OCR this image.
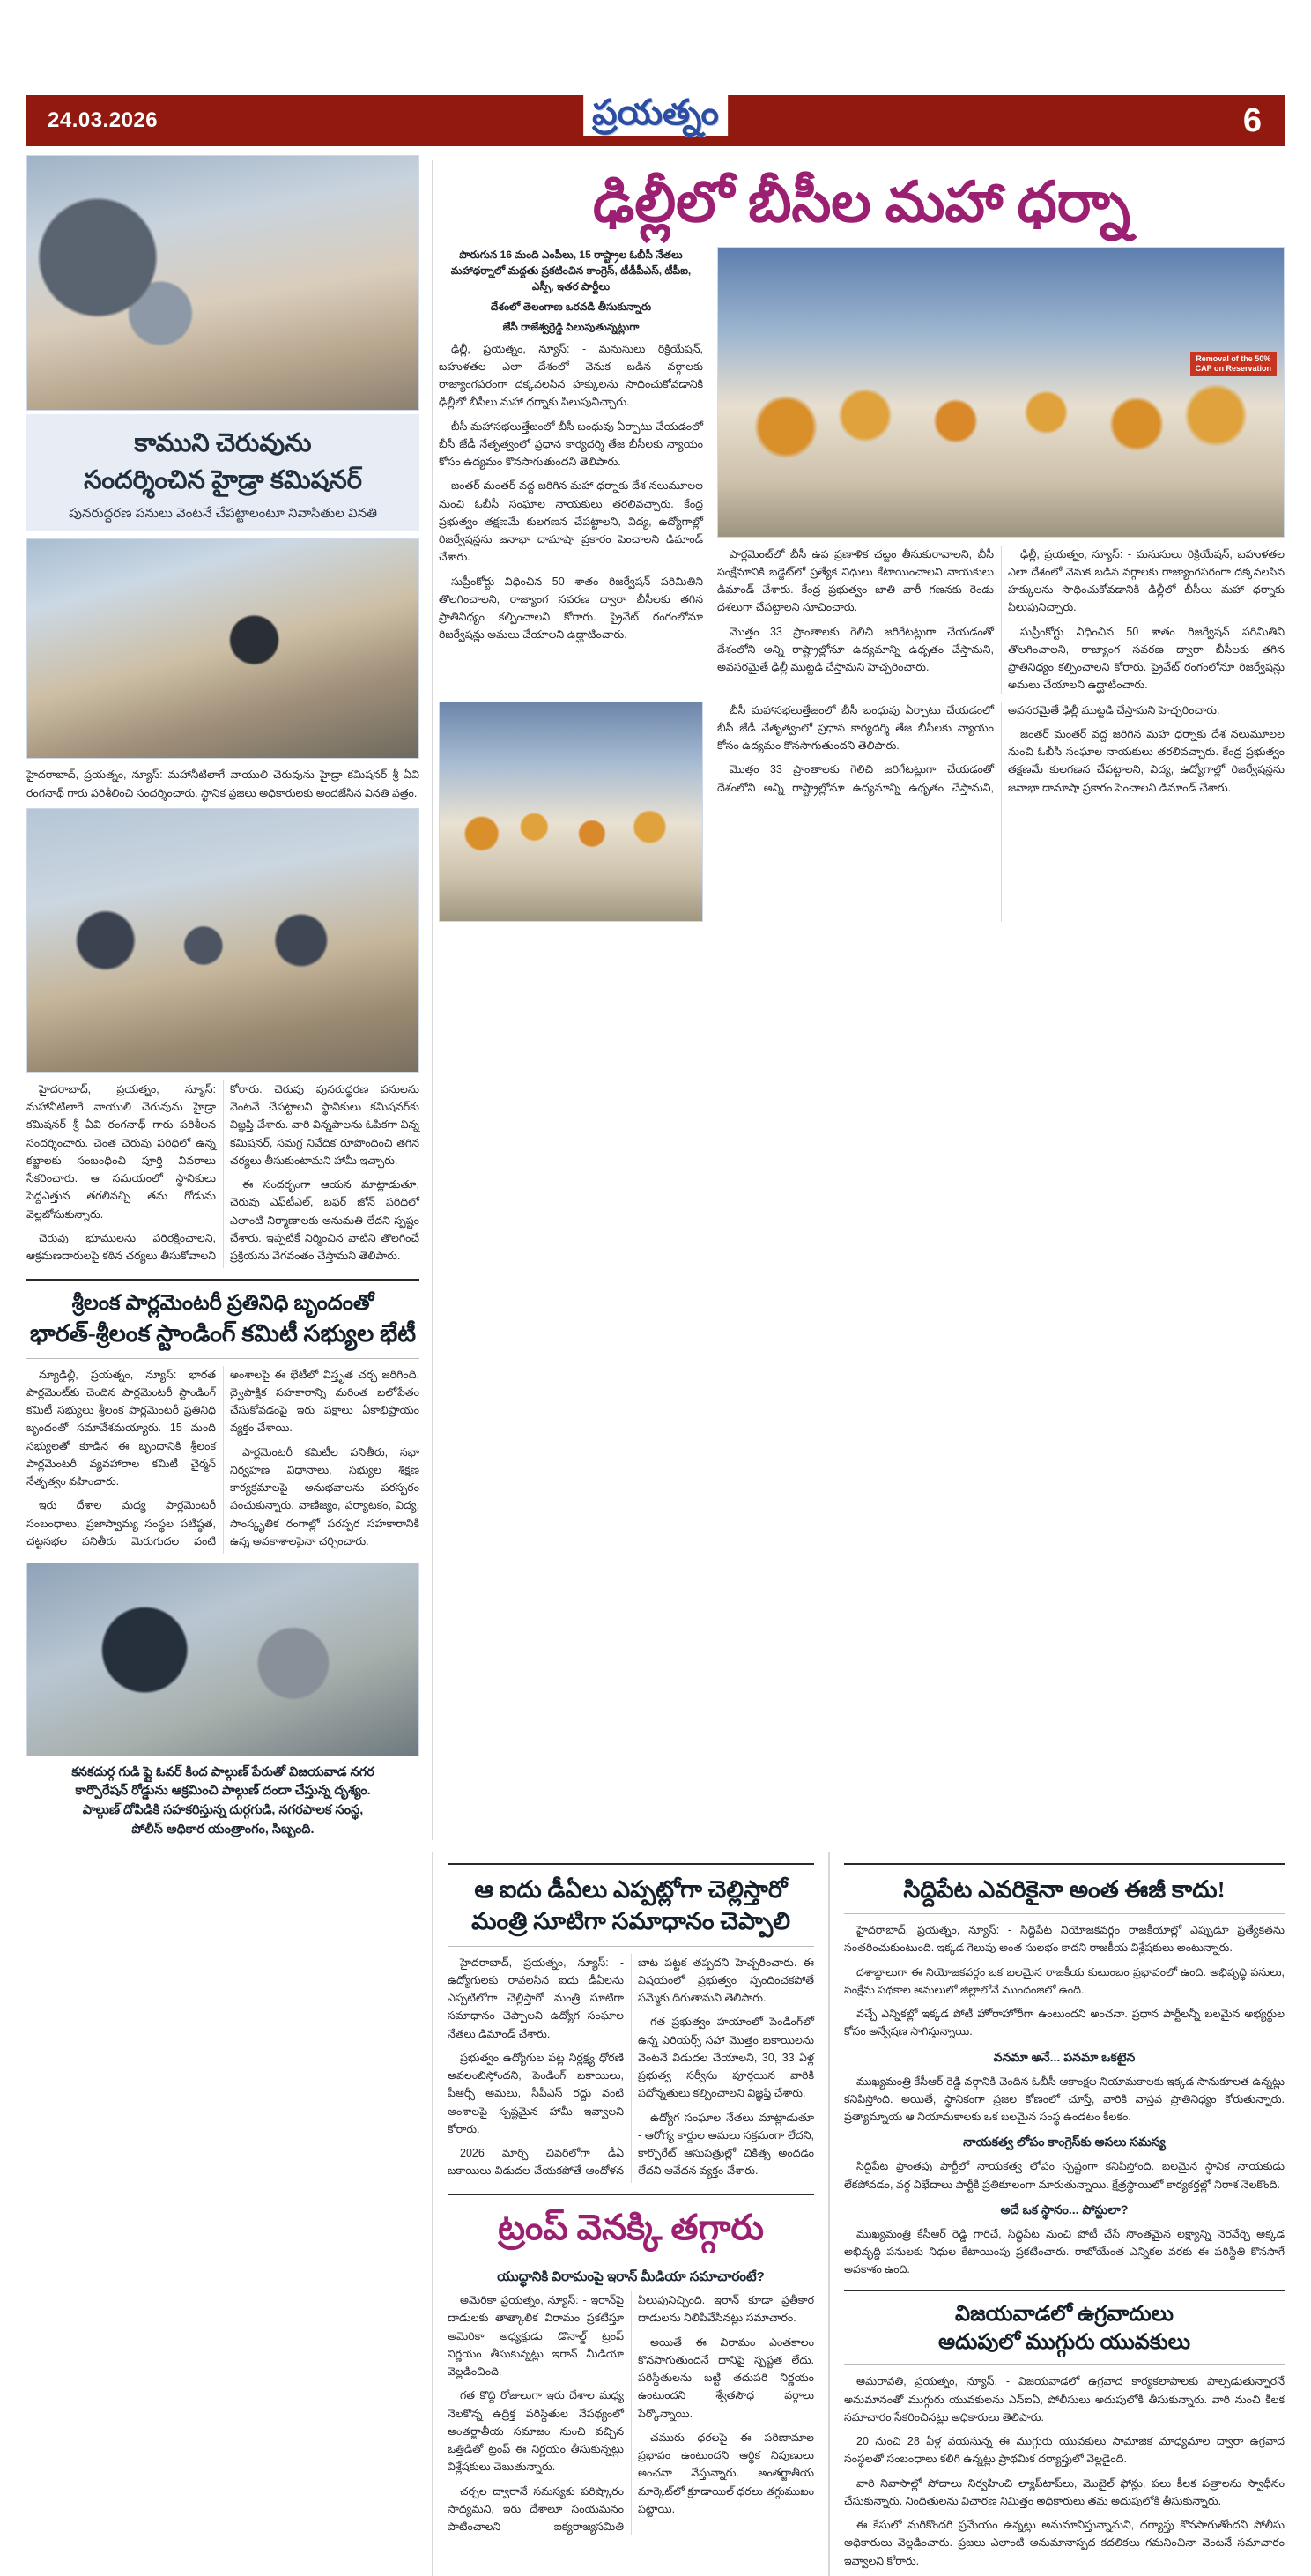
24.03.2026	ప్రయత్నం	6
కాముని చెరువును
సందర్శించిన హైడ్రా కమిషనర్
పునరుద్ధరణ పనులు వెంటనే చేపట్టాలంటూ నివాసితుల వినతి

హైదరాబాద్, ప్రయత్నం, న్యూస్: మహానీటిలాగే వాయులి చెరువును హైడ్రా కమిషనర్ శ్రీ ఏవి రంగనాథ్ గారు పరిశీలించి సందర్శించారు. స్థానిక ప్రజలు అధికారులకు అందజేసిన వినతి పత్రం.

హైదరాబాద్, ప్రయత్నం, న్యూస్: మహానీటిలాగే వాయులి చెరువును హైడ్రా కమిషనర్ శ్రీ ఏవి రంగనాథ్ గారు పరిశీలన సందర్శించారు. చెంత చెరువు పరిధిలో ఉన్న కబ్జాలకు సంబంధించి పూర్తి వివరాలు సేకరించారు. ఆ సమయంలో స్థానికులు పెద్దఎత్తున తరలివచ్చి తమ గోడును వెల్లబోసుకున్నారు.

చెరువు భూములను పరిరక్షించాలని, ఆక్రమణదారులపై కఠిన చర్యలు తీసుకోవాలని కోరారు. చెరువు పునరుద్ధరణ పనులను వెంటనే చేపట్టాలని స్థానికులు కమిషనర్‌కు విజ్ఞప్తి చేశారు. వారి విన్నపాలను ఓపికగా విన్న కమిషనర్, సమగ్ర నివేదిక రూపొందించి తగిన చర్యలు తీసుకుంటామని హామీ ఇచ్చారు.

ఈ సందర్భంగా ఆయన మాట్లాడుతూ, చెరువు ఎఫ్‌టీఎల్, బఫర్ జోన్ పరిధిలో ఎలాంటి నిర్మాణాలకు అనుమతి లేదని స్పష్టం చేశారు. ఇప్పటికే నిర్మించిన వాటిని తొలగించే ప్రక్రియను వేగవంతం చేస్తామని తెలిపారు.

శ్రీలంక పార్లమెంటరీ ప్రతినిధి బృందంతో
భారత్-శ్రీలంక స్టాండింగ్ కమిటీ సభ్యుల భేటీ

న్యూఢిల్లీ, ప్రయత్నం, న్యూస్: భారత పార్లమెంట్‌కు చెందిన పార్లమెంటరీ స్టాండింగ్ కమిటీ సభ్యులు శ్రీలంక పార్లమెంటరీ ప్రతినిధి బృందంతో సమావేశమయ్యారు. 15 మంది సభ్యులతో కూడిన ఈ బృందానికి శ్రీలంక పార్లమెంటరీ వ్యవహారాల కమిటీ చైర్మన్ నేతృత్వం వహించారు.

ఇరు దేశాల మధ్య పార్లమెంటరీ సంబంధాలు, ప్రజాస్వామ్య సంస్థల పటిష్ఠత, చట్టసభల పనితీరు మెరుగుదల వంటి అంశాలపై ఈ భేటీలో విస్తృత చర్చ జరిగింది. ద్వైపాక్షిక సహకారాన్ని మరింత బలోపేతం చేసుకోవడంపై ఇరు పక్షాలు ఏకాభిప్రాయం వ్యక్తం చేశాయి.

పార్లమెంటరీ కమిటీల పనితీరు, సభా నిర్వహణ విధానాలు, సభ్యుల శిక్షణ కార్యక్రమాలపై అనుభవాలను పరస్పరం పంచుకున్నారు. వాణిజ్యం, పర్యాటకం, విద్య, సాంస్కృతిక రంగాల్లో పరస్పర సహకారానికి ఉన్న అవకాశాలపైనా చర్చించారు.

కనకదుర్గ గుడి ఫ్లై ఓవర్ కింద పాల్గుణ్ పేరుతో విజయవాడ నగర
కార్పొరేషన్ రోడ్డును ఆక్రమించి పాల్గుణ్ దందా చేస్తున్న దృశ్యం.
పాల్గుణ్ దోపిడికి సహకరిస్తున్న దుర్గగుడి, నగరపాలక సంస్థ,
పోలీస్ అధికార యంత్రాంగం, సిబ్బంది.
ఢిల్లీలో బీసీల మహా ధర్నా

పొరుగున 16 మంది ఎంపీలు, 15 రాష్ట్రాల ఓబీసీ నేతలు మహాధర్నాలో మద్దతు ప్రకటించిన కాంగ్రెస్, టీడీపీఎస్, టీపీఐ, ఎస్పీ, ఇతర పార్టీలు

దేశంలో తెలంగాణ ఒరవడి తీసుకున్నారు

జేసీ రాజేశ్వర్రెడ్డి పిలుపుతున్నట్లుగా

ఢిల్లీ, ప్రయత్నం, న్యూస్: - మనుసులు రిక్రియేషన్, బహుళతల ఎలా దేశంలో వెనుక బడిన వర్గాలకు రాజ్యాంగపరంగా దక్కవలసిన హక్కులను సాధించుకోవడానికి ఢిల్లీలో బీసీలు మహా ధర్నాకు పిలుపునిచ్చారు.

బీసీ మహాసభలుత్తేజంలో బీసీ బంధువు ఏర్పాటు చేయడంలో బీసీ జేడీ నేతృత్వంలో ప్రధాన కార్యదర్శి తేజ బీసీలకు న్యాయం కోసం ఉద్యమం కొనసాగుతుందని తెలిపారు.

జంతర్ మంతర్ వద్ద జరిగిన మహా ధర్నాకు దేశ నలుమూలల నుంచి ఓబీసీ సంఘాల నాయకులు తరలివచ్చారు. కేంద్ర ప్రభుత్వం తక్షణమే కులగణన చేపట్టాలని, విద్య, ఉద్యోగాల్లో రిజర్వేషన్లను జనాభా దామాషా ప్రకారం పెంచాలని డిమాండ్ చేశారు.

సుప్రీంకోర్టు విధించిన 50 శాతం రిజర్వేషన్ పరిమితిని తొలగించాలని, రాజ్యాంగ సవరణ ద్వారా బీసీలకు తగిన ప్రాతినిధ్యం కల్పించాలని కోరారు. ప్రైవేట్ రంగంలోనూ రిజర్వేషన్లు అమలు చేయాలని ఉద్ఘాటించారు.

Removal of the 50%
CAP on Reservation

పార్లమెంట్‌లో బీసీ ఉప ప్రణాళిక చట్టం తీసుకురావాలని, బీసీ సంక్షేమానికి బడ్జెట్‌లో ప్రత్యేక నిధులు కేటాయించాలని నాయకులు డిమాండ్ చేశారు. కేంద్ర ప్రభుత్వం జాతి వారీ గణనకు రెండు దశలుగా చేపట్టాలని సూచించారు.

మొత్తం 33 ప్రాంతాలకు గెలిచి జరిగేటట్లుగా చేయడంతో దేశంలోని అన్ని రాష్ట్రాల్లోనూ ఉద్యమాన్ని ఉధృతం చేస్తామని, అవసరమైతే ఢిల్లీ ముట్టడి చేస్తామని హెచ్చరించారు.

ఢిల్లీ, ప్రయత్నం, న్యూస్: - మనుసులు రిక్రియేషన్, బహుళతల ఎలా దేశంలో వెనుక బడిన వర్గాలకు రాజ్యాంగపరంగా దక్కవలసిన హక్కులను సాధించుకోవడానికి ఢిల్లీలో బీసీలు మహా ధర్నాకు పిలుపునిచ్చారు.

సుప్రీంకోర్టు విధించిన 50 శాతం రిజర్వేషన్ పరిమితిని తొలగించాలని, రాజ్యాంగ సవరణ ద్వారా బీసీలకు తగిన ప్రాతినిధ్యం కల్పించాలని కోరారు. ప్రైవేట్ రంగంలోనూ రిజర్వేషన్లు అమలు చేయాలని ఉద్ఘాటించారు.

బీసీ మహాసభలుత్తేజంలో బీసీ బంధువు ఏర్పాటు చేయడంలో బీసీ జేడీ నేతృత్వంలో ప్రధాన కార్యదర్శి తేజ బీసీలకు న్యాయం కోసం ఉద్యమం కొనసాగుతుందని తెలిపారు.

మొత్తం 33 ప్రాంతాలకు గెలిచి జరిగేటట్లుగా చేయడంతో దేశంలోని అన్ని రాష్ట్రాల్లోనూ ఉద్యమాన్ని ఉధృతం చేస్తామని, అవసరమైతే ఢిల్లీ ముట్టడి చేస్తామని హెచ్చరించారు.

జంతర్ మంతర్ వద్ద జరిగిన మహా ధర్నాకు దేశ నలుమూలల నుంచి ఓబీసీ సంఘాల నాయకులు తరలివచ్చారు. కేంద్ర ప్రభుత్వం తక్షణమే కులగణన చేపట్టాలని, విద్య, ఉద్యోగాల్లో రిజర్వేషన్లను జనాభా దామాషా ప్రకారం పెంచాలని డిమాండ్ చేశారు.

ఆ ఐదు డీఏలు ఎప్పట్లోగా చెల్లిస్తారో
మంత్రి సూటిగా సమాధానం చెప్పాలి

హైదరాబాద్, ప్రయత్నం, న్యూస్: - ఉద్యోగులకు రావలసిన ఐదు డీఏలను ఎప్పటిలోగా చెల్లిస్తారో మంత్రి సూటిగా సమాధానం చెప్పాలని ఉద్యోగ సంఘాల నేతలు డిమాండ్ చేశారు.

ప్రభుత్వం ఉద్యోగుల పట్ల నిర్లక్ష్య ధోరణి అవలంబిస్తోందని, పెండింగ్ బకాయిలు, పీఆర్సీ అమలు, సీపీఎస్ రద్దు వంటి అంశాలపై స్పష్టమైన హామీ ఇవ్వాలని కోరారు.

2026 మార్చి చివరిలోగా డీఏ బకాయిలు విడుదల చేయకపోతే ఆందోళన బాట పట్టక తప్పదని హెచ్చరించారు. ఈ విషయంలో ప్రభుత్వం స్పందించకపోతే సమ్మెకు దిగుతామని తెలిపారు.

గత ప్రభుత్వం హయాంలో పెండింగ్‌లో ఉన్న ఎరియర్స్ సహా మొత్తం బకాయిలను వెంటనే విడుదల చేయాలని, 30, 33 ఏళ్ల ప్రభుత్వ సర్వీసు పూర్తయిన వారికి పదోన్నతులు కల్పించాలని విజ్ఞప్తి చేశారు.

ఉద్యోగ సంఘాల నేతలు మాట్లాడుతూ - ఆరోగ్య కార్డుల అమలు సక్రమంగా లేదని, కార్పొరేట్ ఆసుపత్రుల్లో చికిత్స అందడం లేదని ఆవేదన వ్యక్తం చేశారు.

ట్రంప్ వెనక్కి తగ్గారు
యుద్ధానికి విరామంపై ఇరాన్ మీడియా సమాచారంటే?

అమెరికా ప్రయత్నం, న్యూస్: - ఇరాన్‌పై దాడులకు తాత్కాలిక విరామం ప్రకటిస్తూ అమెరికా అధ్యక్షుడు డొనాల్డ్ ట్రంప్ నిర్ణయం తీసుకున్నట్లు ఇరాన్ మీడియా వెల్లడించింది.

గత కొద్ది రోజులుగా ఇరు దేశాల మధ్య నెలకొన్న ఉద్రిక్త పరిస్థితుల నేపథ్యంలో అంతర్జాతీయ సమాజం నుంచి వచ్చిన ఒత్తిడితో ట్రంప్ ఈ నిర్ణయం తీసుకున్నట్లు విశ్లేషకులు చెబుతున్నారు.

చర్చల ద్వారానే సమస్యకు పరిష్కారం సాధ్యమని, ఇరు దేశాలూ సంయమనం పాటించాలని ఐక్యరాజ్యసమితి పిలుపునిచ్చింది. ఇరాన్ కూడా ప్రతీకార దాడులను నిలిపివేసినట్లు సమాచారం.

అయితే ఈ విరామం ఎంతకాలం కొనసాగుతుందనే దానిపై స్పష్టత లేదు. పరిస్థితులను బట్టి తదుపరి నిర్ణయం ఉంటుందని శ్వేతసౌధ వర్గాలు పేర్కొన్నాయి.

చమురు ధరలపై ఈ పరిణామాల ప్రభావం ఉంటుందని ఆర్థిక నిపుణులు అంచనా వేస్తున్నారు. అంతర్జాతీయ మార్కెట్‌లో క్రూడాయిల్ ధరలు తగ్గుముఖం పట్టాయి.

సిద్దిపేట ఎవరికైనా అంత ఈజీ కాదు!

హైదరాబాద్, ప్రయత్నం, న్యూస్: - సిద్దిపేట నియోజకవర్గం రాజకీయాల్లో ఎప్పుడూ ప్రత్యేకతను సంతరించుకుంటుంది. ఇక్కడ గెలుపు అంత సులభం కాదని రాజకీయ విశ్లేషకులు అంటున్నారు.

దశాబ్దాలుగా ఈ నియోజకవర్గం ఒక బలమైన రాజకీయ కుటుంబం ప్రభావంలో ఉంది. అభివృద్ధి పనులు, సంక్షేమ పథకాల అమలులో జిల్లాలోనే ముందంజలో ఉంది.

వచ్చే ఎన్నికల్లో ఇక్కడ పోటీ హోరాహోరీగా ఉంటుందని అంచనా. ప్రధాన పార్టీలన్నీ బలమైన అభ్యర్థుల కోసం అన్వేషణ సాగిస్తున్నాయి.

వనమా అనే... పనమా ఒకటైన

ముఖ్యమంత్రి కేసీఆర్ రెడ్డి వర్గానికి చెందిన ఓబీసీ ఆకాంక్షల నియామకాలకు ఇక్కడ సానుకూలత ఉన్నట్లు కనిపిస్తోంది. అయితే, స్థానికంగా ప్రజల కోణంలో చూస్తే, వారికి వాస్తవ ప్రాతినిధ్యం కోరుతున్నారు. ప్రత్యామ్నాయ ఆ నియామకాలకు ఒక బలమైన సంస్థ ఉండటం కీలకం.

నాయకత్వ లోపం కాంగ్రెస్‌కు అసలు సమస్య

సిద్దిపేట ప్రాంతపు పార్టీలో నాయకత్వ లోపం స్పష్టంగా కనిపిస్తోంది. బలమైన స్థానిక నాయకుడు లేకపోవడం, వర్గ విభేదాలు పార్టీకి ప్రతికూలంగా మారుతున్నాయి. క్షేత్రస్థాయిలో కార్యకర్తల్లో నిరాశ నెలకొంది.

అదే ఒక స్థానం... పోస్టులా?

ముఖ్యమంత్రి కేసీఆర్ రెడ్డి గారిచే, సిద్ధిపేట నుంచి పోటీ చేసే సొంతమైన లక్ష్యాన్ని నెరవేర్చి అక్కడ అభివృద్ధి పనులకు నిధుల కేటాయింపు ప్రకటించారు. రాబోయేంత ఎన్నికల వరకు ఈ పరిస్థితి కొనసాగే అవకాశం ఉంది.

విజయవాడలో ఉగ్రవాదులు
అదుపులో ముగ్గురు యువకులు

అమరావతి, ప్రయత్నం, న్యూస్: - విజయవాడలో ఉగ్రవాద కార్యకలాపాలకు పాల్పడుతున్నారనే అనుమానంతో ముగ్గురు యువకులను ఎన్ఐఏ, పోలీసులు అదుపులోకి తీసుకున్నారు. వారి నుంచి కీలక సమాచారం సేకరించినట్లు అధికారులు తెలిపారు.

20 నుంచి 28 ఏళ్ల వయసున్న ఈ ముగ్గురు యువకులు సామాజిక మాధ్యమాల ద్వారా ఉగ్రవాద సంస్థలతో సంబంధాలు కలిగి ఉన్నట్లు ప్రాథమిక దర్యాప్తులో వెల్లడైంది.

వారి నివాసాల్లో సోదాలు నిర్వహించి ల్యాప్‌టాప్‌లు, మొబైల్ ఫోన్లు, పలు కీలక పత్రాలను స్వాధీనం చేసుకున్నారు. నిందితులను విచారణ నిమిత్తం అధికారులు తమ అదుపులోకి తీసుకున్నారు.

ఈ కేసులో మరికొందరి ప్రమేయం ఉన్నట్లు అనుమానిస్తున్నామని, దర్యాప్తు కొనసాగుతోందని పోలీసు అధికారులు వెల్లడించారు. ప్రజలు ఎలాంటి అనుమానాస్పద కదలికలు గమనించినా వెంటనే సమాచారం ఇవ్వాలని కోరారు.
